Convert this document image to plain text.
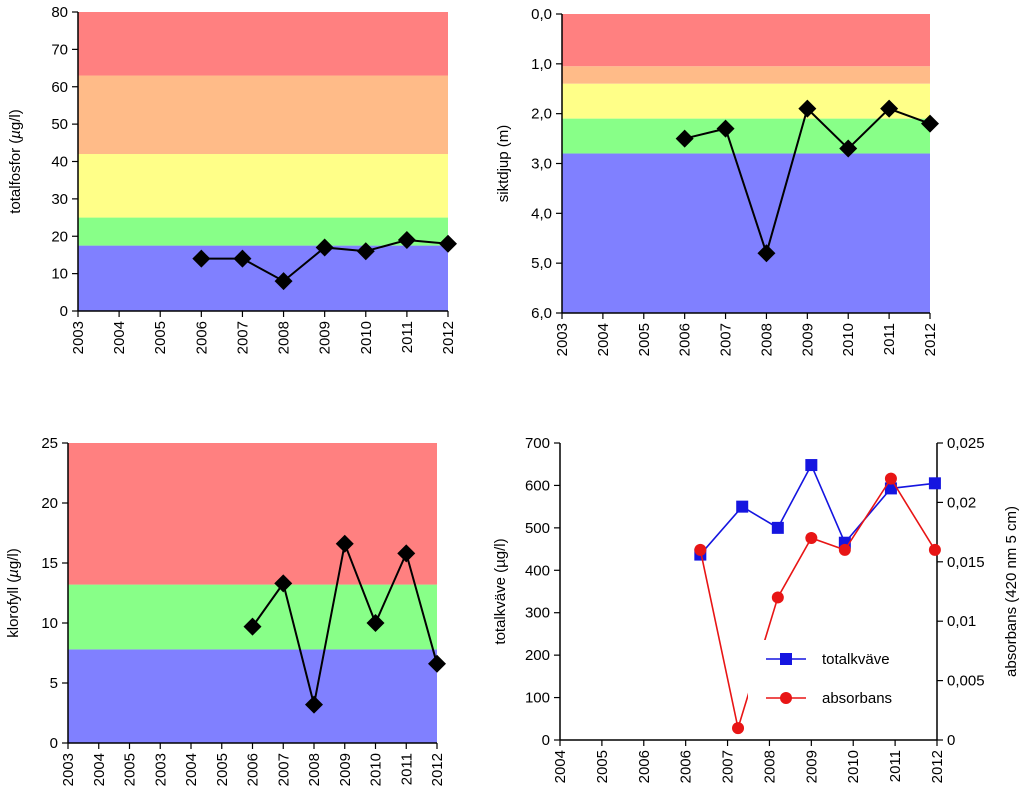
0
10
20
30
40
50
60
70
80
2003 2004 2005 2006 2007 2008 2009 2010 2011 2012
totalfosfor (µg/l)
0,0
1,0
2,0
3,0
4,0
5,0
6,0
2003 2004 2005 2006 2007 2008 2009 2010 2011 2012
siktdjup (m)
0
5
10
15
20
25
2003 2004 2005 2003 2004 2005 2006 2007 2008 2009 2010 2011 2012
klorofyll (µg/l)
0
100
200
300
400
500
600
700
0
0,005
0,01
0,015
0,02
0,025
2004 2005 2006 2006 2007 2008 2009 2010 2011 2012
totalkväve (µg/l)	absorbans (420 nm 5 cm)
totalkväve
absorbans
